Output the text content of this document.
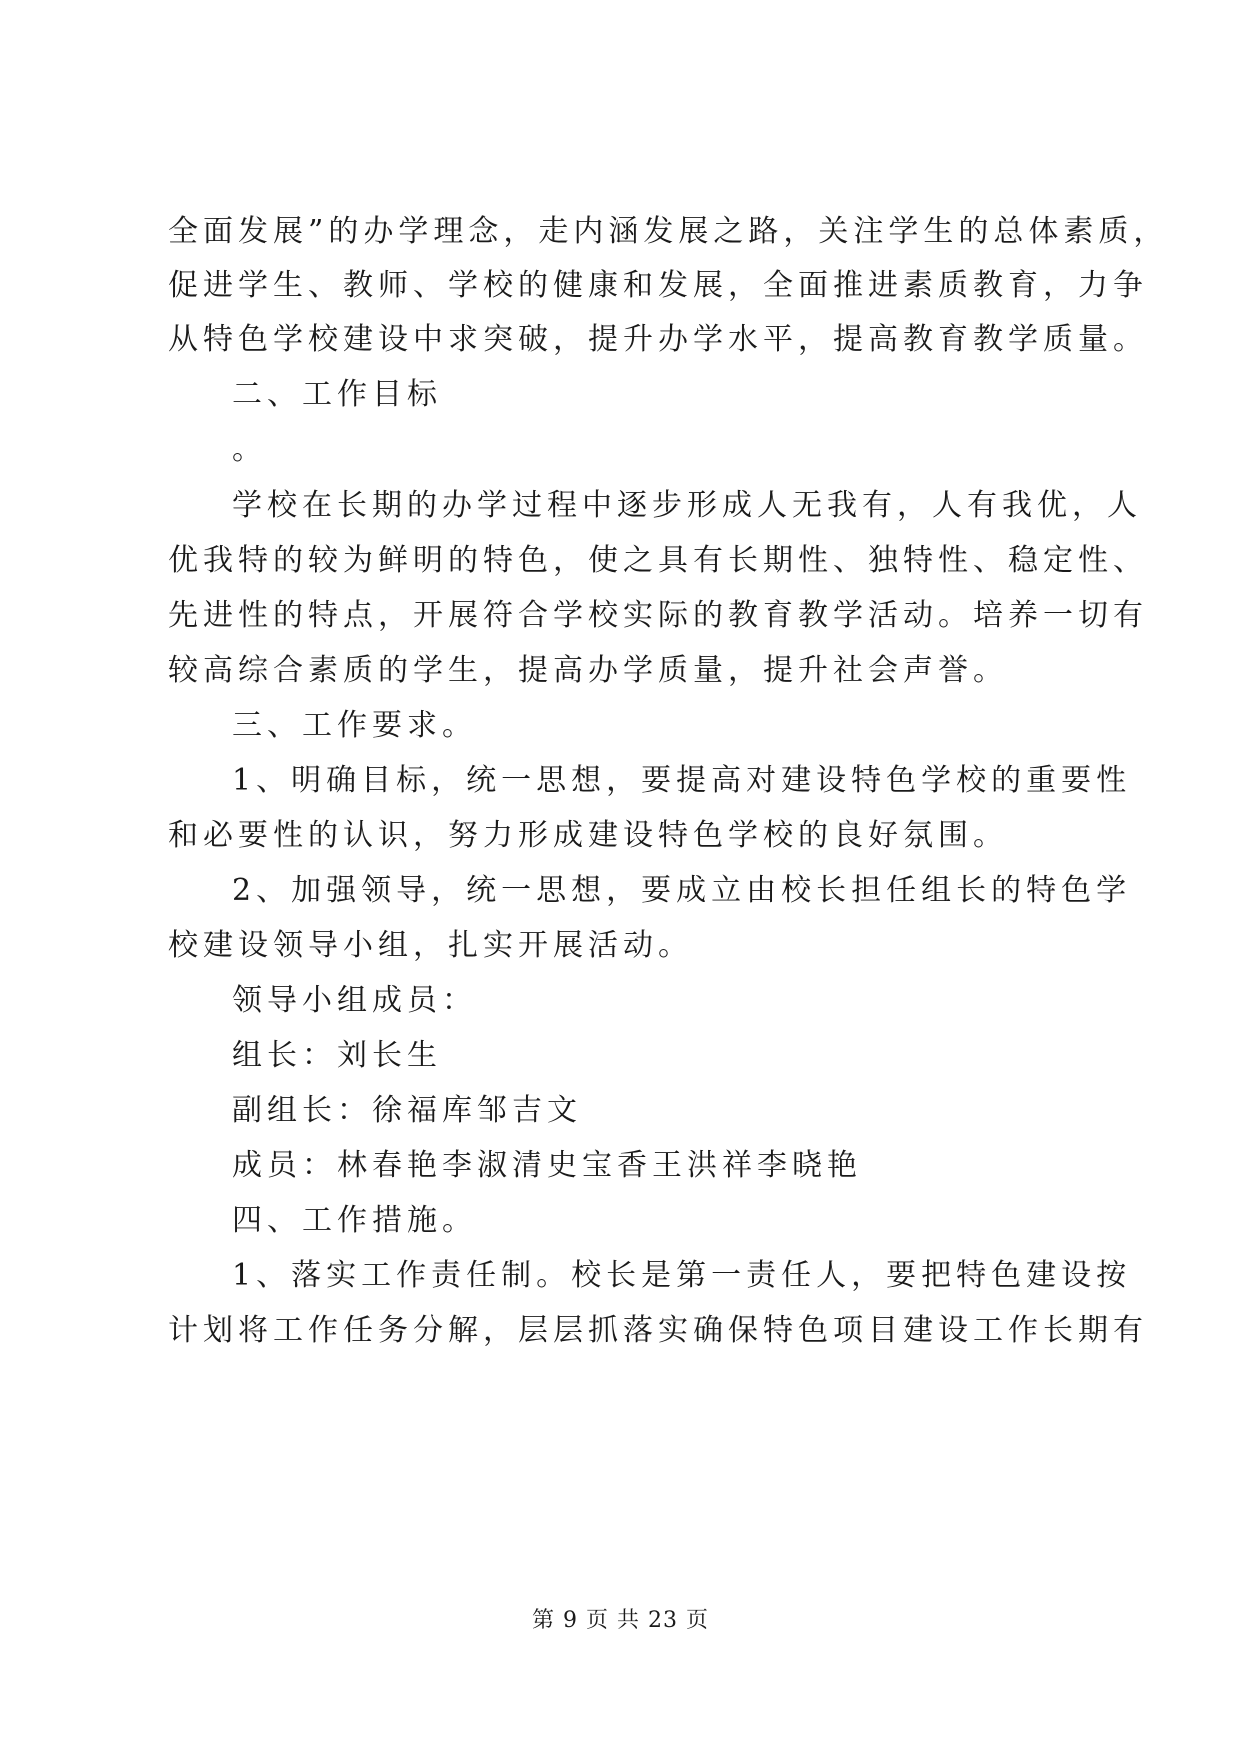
全面发展”的办学理念，走内涵发展之路，关注学生的总体素质，
促进学生、教师、学校的健康和发展，全面推进素质教育，力争
从特色学校建设中求突破，提升办学水平，提高教育教学质量。
二、工作目标
。
学校在长期的办学过程中逐步形成人无我有，人有我优，人
优我特的较为鲜明的特色，使之具有长期性、独特性、稳定性、
先进性的特点，开展符合学校实际的教育教学活动。培养一切有
较高综合素质的学生，提高办学质量，提升社会声誉。
三、工作要求。
1、明确目标，统一思想，要提高对建设特色学校的重要性
和必要性的认识，努力形成建设特色学校的良好氛围。
2、加强领导，统一思想，要成立由校长担任组长的特色学
校建设领导小组，扎实开展活动。
领导小组成员：
组长：刘长生
副组长：徐福库邹吉文
成员：林春艳李淑清史宝香王洪祥李晓艳
四、工作措施。
1、落实工作责任制。校长是第一责任人，要把特色建设按
计划将工作任务分解，层层抓落实确保特色项目建设工作长期有
第 9 页 共 23 页
